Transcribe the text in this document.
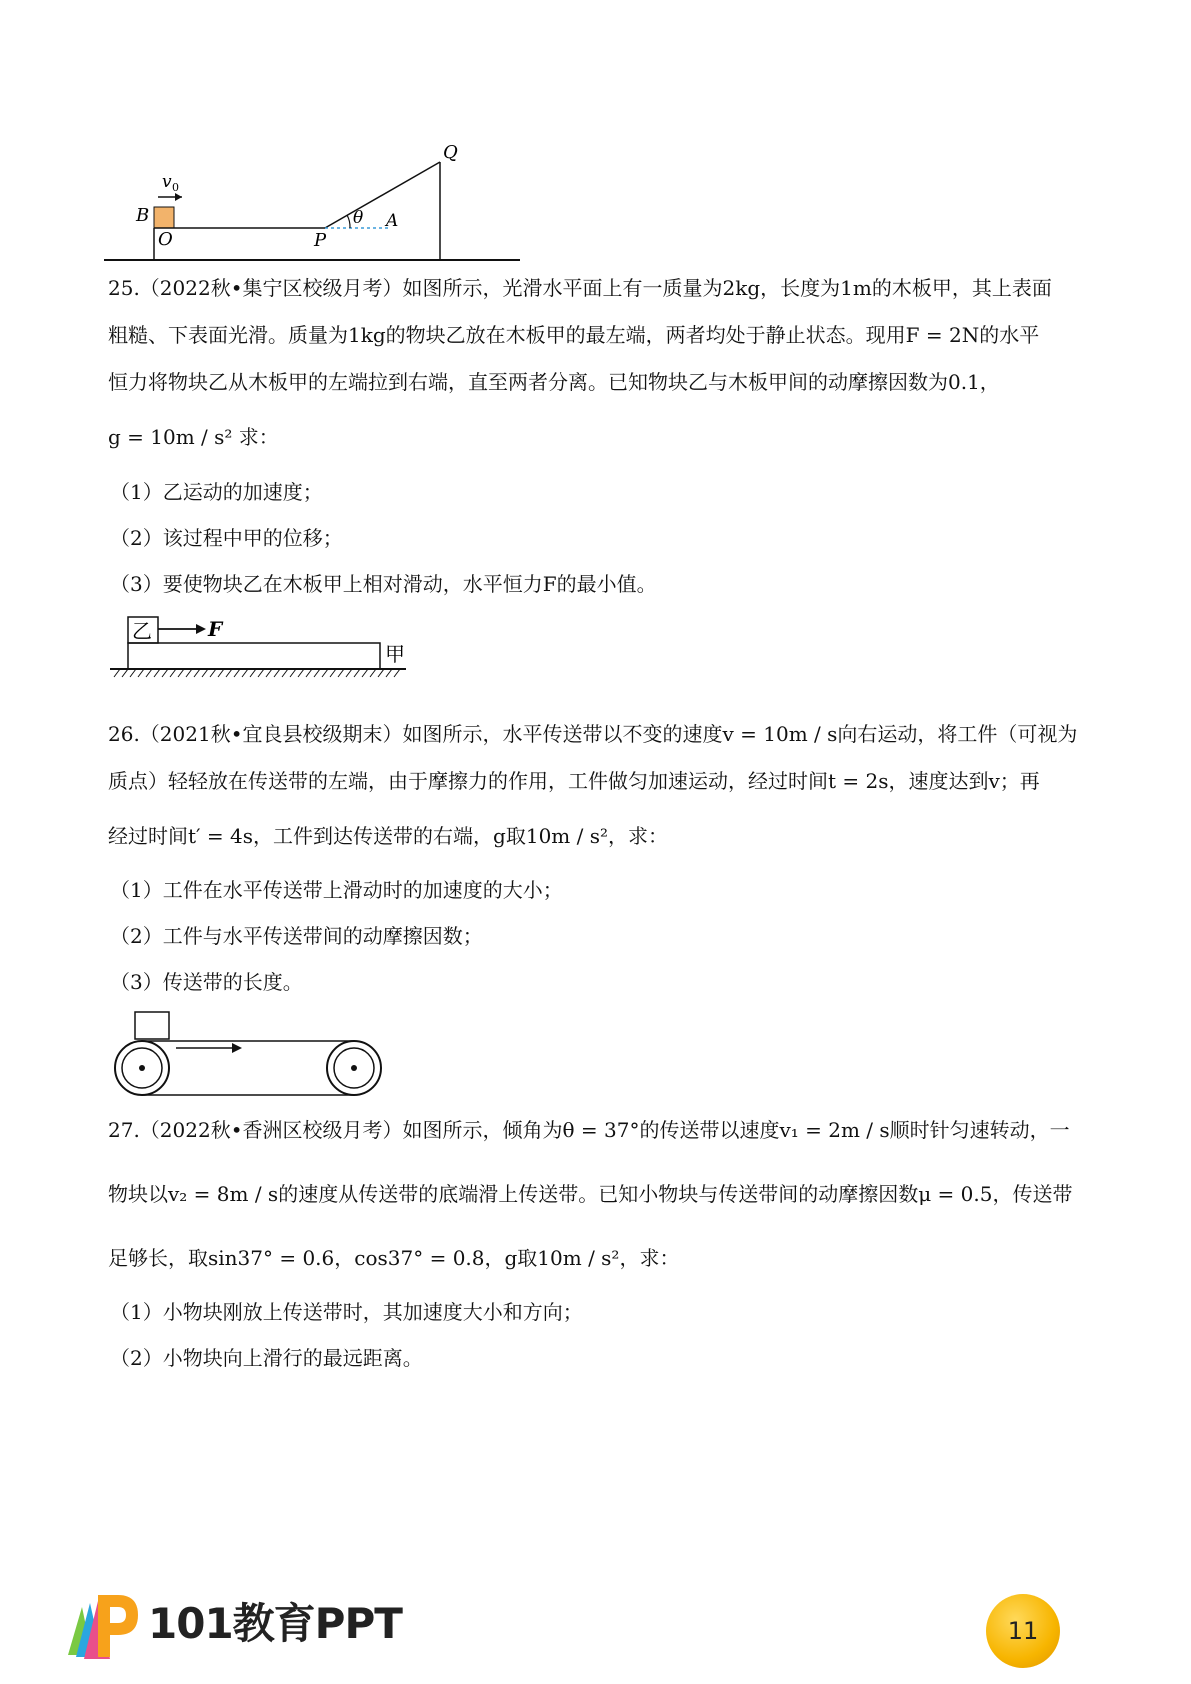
v 0
B
O	P
θ A
Q
25.（2022秋•集宁区校级月考）如图所示，光滑水平面上有一质量为2kg，长度为1m的木板甲，其上表面
粗糙、下表面光滑。质量为1kg的物块乙放在木板甲的最左端，两者均处于静止状态。现用F = 2N的水平
恒力将物块乙从木板甲的左端拉到右端，直至两者分离。已知物块乙与木板甲间的动摩擦因数为0.1，
g = 10m / s² 求：
（1）乙运动的加速度；
（2）该过程中甲的位移；
（3）要使物块乙在木板甲上相对滑动，水平恒力F的最小值。
乙	F
甲
26.（2021秋•宜良县校级期末）如图所示，水平传送带以不变的速度v = 10m / s向右运动，将工件（可视为
质点）轻轻放在传送带的左端，由于摩擦力的作用，工件做匀加速运动，经过时间t = 2s，速度达到v；再
经过时间t′ = 4s，工件到达传送带的右端，g取10m / s²，求：
（1）工件在水平传送带上滑动时的加速度的大小；
（2）工件与水平传送带间的动摩擦因数；
（3）传送带的长度。
27.（2022秋•香洲区校级月考）如图所示，倾角为θ = 37°的传送带以速度v₁ = 2m / s顺时针匀速转动，一
物块以v₂ = 8m / s的速度从传送带的底端滑上传送带。已知小物块与传送带间的动摩擦因数μ = 0.5，传送带
足够长，取sin37° = 0.6，cos37° = 0.8，g取10m / s²，求：
（1）小物块刚放上传送带时，其加速度大小和方向；
（2）小物块向上滑行的最远距离。
101教育PPT	11
